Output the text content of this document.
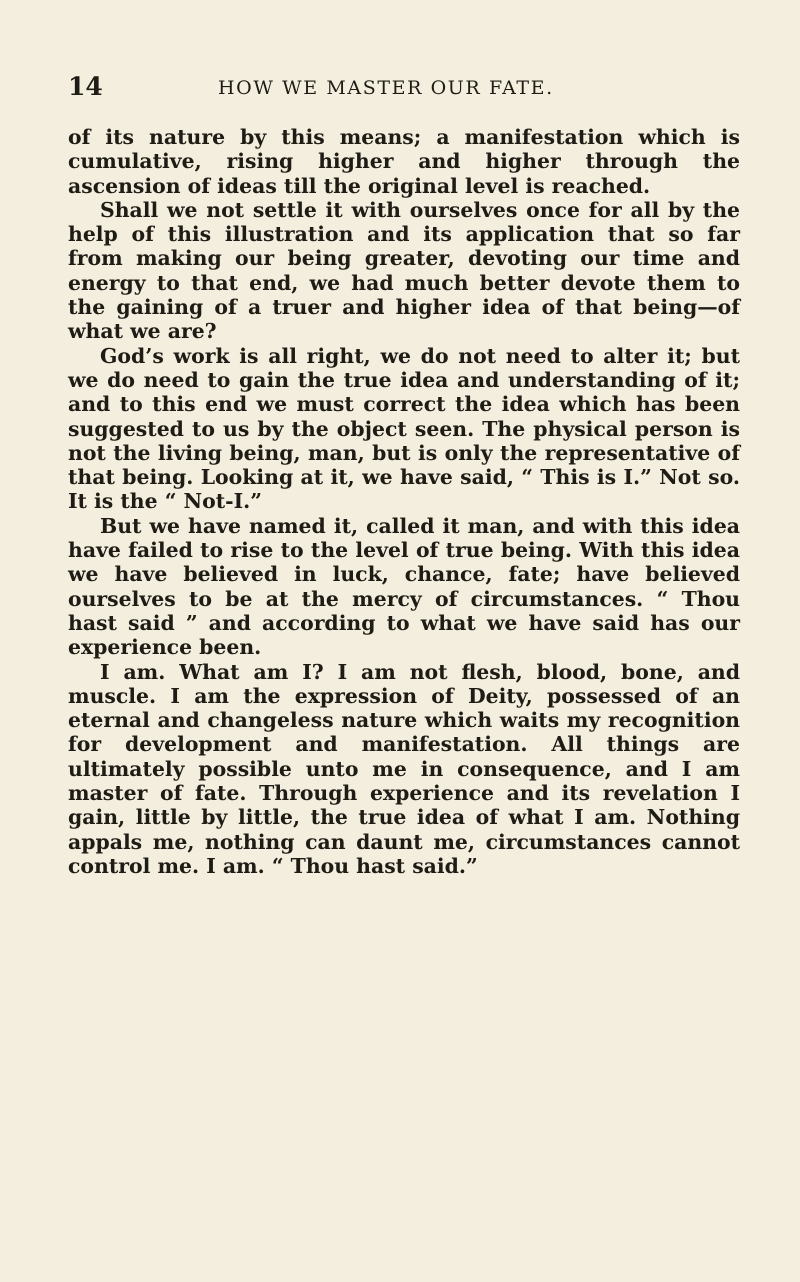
14	HOW WE MASTER OUR FATE.

of its nature by this means; a manifestation which is cumulative, rising higher and higher through the ascension of ideas till the original level is reached.

Shall we not settle it with ourselves once for all by the help of this illustration and its application that so far from making our being greater, devoting our time and energy to that end, we had much better devote them to the gaining of a truer and higher idea of that being—of what we are?

God’s work is all right, we do not need to alter it; but we do need to gain the true idea and understanding of it; and to this end we must correct the idea which has been suggested to us by the object seen. The physical person is not the living being, man, but is only the representative of that being. Looking at it, we have said, “ This is I.” Not so. It is the “ Not-I.”

But we have named it, called it man, and with this idea have failed to rise to the level of true being. With this idea we have believed in luck, chance, fate; have believed ourselves to be at the mercy of circumstances. “ Thou hast said ” and according to what we have said has our experience been.

I am. What am I? I am not flesh, blood, bone, and muscle. I am the expression of Deity, possessed of an eternal and changeless nature which waits my recognition for development and manifestation. All things are ultimately possible unto me in consequence, and I am master of fate. Through experience and its revelation I gain, little by little, the true idea of what I am. Nothing appals me, nothing can daunt me, circumstances cannot control me. I am. “ Thou hast said.”
